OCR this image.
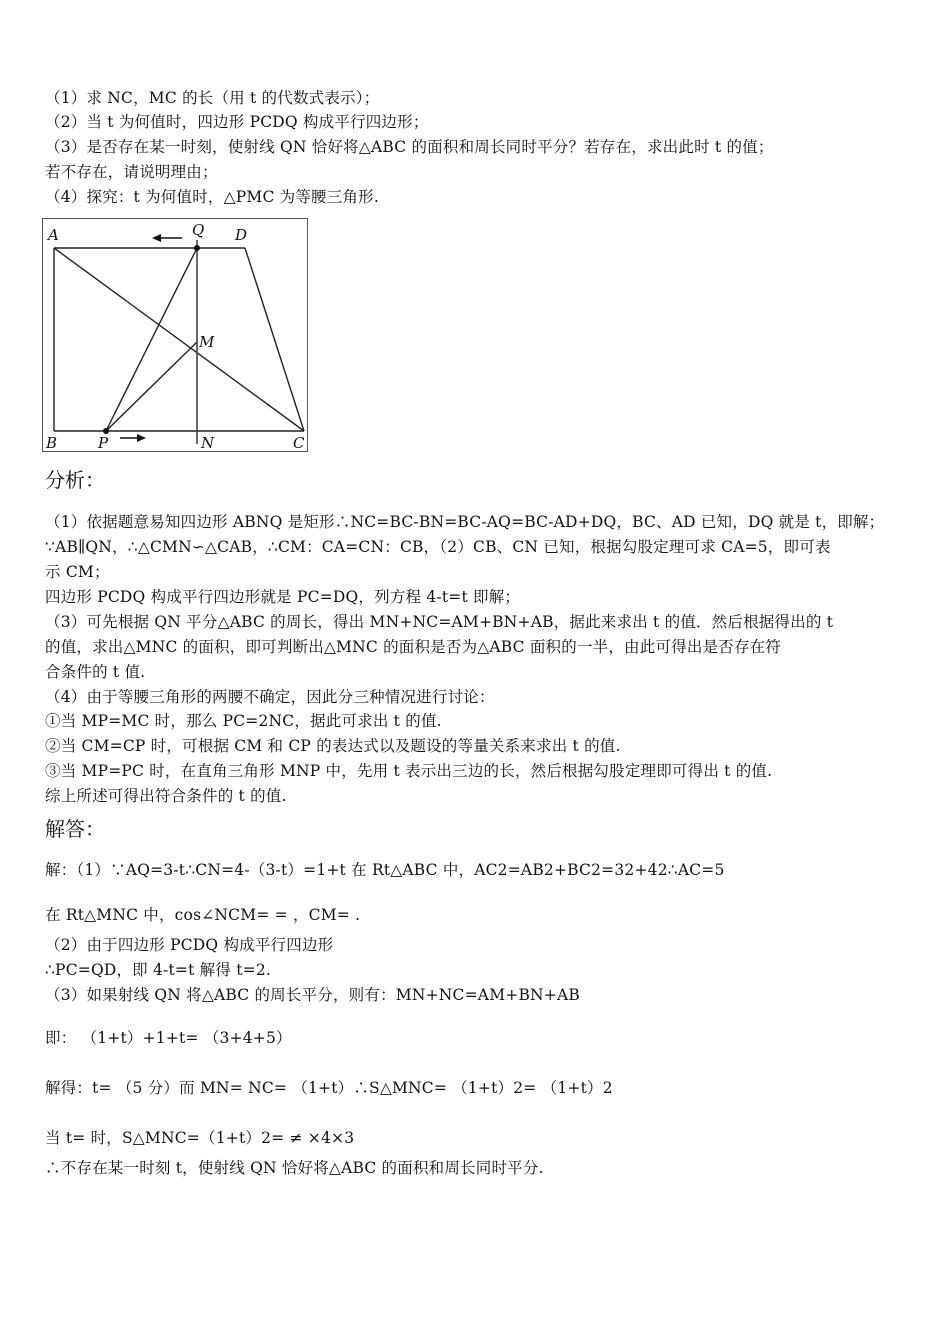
（1）求 NC，MC 的长（用 t 的代数式表示）；
（2）当 t 为何值时，四边形 PCDQ 构成平行四边形；
（3）是否存在某一时刻，使射线 QN 恰好将△ABC 的面积和周长同时平分？若存在，求出此时 t 的值；
若不存在，请说明理由；
（4）探究：t 为何值时，△PMC 为等腰三角形.
A	Q D
M
B	P	N	C
分析：
（1）依据题意易知四边形 ABNQ 是矩形∴NC=BC-BN=BC-AQ=BC-AD+DQ，BC、AD 已知，DQ 就是 t，即解；
∵AB∥QN，∴△CMN∽△CAB，∴CM：CA=CN：CB，（2）CB、CN 已知，根据勾股定理可求 CA=5，即可表
示 CM；
四边形 PCDQ 构成平行四边形就是 PC=DQ，列方程 4-t=t 即解；
（3）可先根据 QN 平分△ABC 的周长，得出 MN+NC=AM+BN+AB，据此来求出 t 的值．然后根据得出的 t
的值，求出△MNC 的面积，即可判断出△MNC 的面积是否为△ABC 面积的一半，由此可得出是否存在符
合条件的 t 值.
（4）由于等腰三角形的两腰不确定，因此分三种情况进行讨论：
①当 MP=MC 时，那么 PC=2NC，据此可求出 t 的值.
②当 CM=CP 时，可根据 CM 和 CP 的表达式以及题设的等量关系来求出 t 的值.
③当 MP=PC 时，在直角三角形 MNP 中，先用 t 表示出三边的长，然后根据勾股定理即可得出 t 的值.
综上所述可得出符合条件的 t 的值.
解答：
解：（1）∵AQ=3-t∴CN=4-（3-t）=1+t 在 Rt△ABC 中，AC2=AB2+BC2=32+42∴AC=5
在 Rt△MNC 中，cos∠NCM= = ，CM= .
（2）由于四边形 PCDQ 构成平行四边形
∴PC=QD，即 4-t=t 解得 t=2.
（3）如果射线 QN 将△ABC 的周长平分，则有：MN+NC=AM+BN+AB
即： （1+t）+1+t= （3+4+5）
解得：t= （5 分）而 MN= NC= （1+t）∴S△MNC= （1+t）2= （1+t）2
当 t= 时，S△MNC=（1+t）2= ≠ ×4×3
∴不存在某一时刻 t，使射线 QN 恰好将△ABC 的面积和周长同时平分.
